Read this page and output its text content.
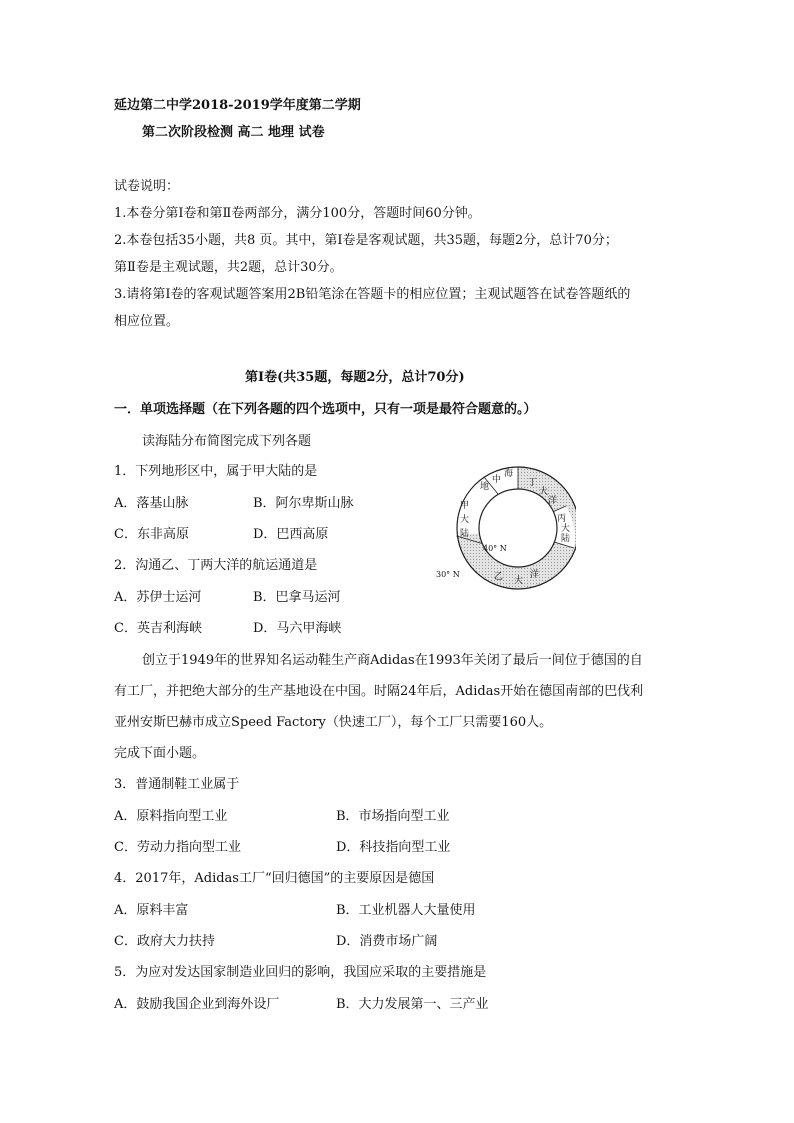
延边第二中学2018-2019学年度第二学期
第二次阶段检测 高二 地理 试卷
试卷说明：
1.本卷分第Ⅰ卷和第Ⅱ卷两部分，满分100分，答题时间60分钟。
2.本卷包括35小题，共8 页。其中，第Ⅰ卷是客观试题，共35题，每题2分，总计70分；
第Ⅱ卷是主观试题，共2题，总计30分。
3.请将第Ⅰ卷的客观试题答案用2B铅笔涂在答题卡的相应位置；主观试题答在试卷答题纸的
相应位置。
第Ⅰ卷(共35题，每题2分，总计70分)
一．单项选择题（在下列各题的四个选项中，只有一项是最符合题意的。）
读海陆分布简图完成下列各题
1．下列地形区中，属于甲大陆的是
A．落基山脉	B．阿尔卑斯山脉
C．东非高原	D．巴西高原
2．沟通乙、丁两大洋的航运通道是
A．苏伊士运河	B．巴拿马运河
C．英吉利海峡	D．马六甲海峡
甲
大
陆
地
中
海
丁
大
洋
丙
大
陆
乙 大
洋
40° N
30° N
创立于1949年的世界知名运动鞋生产商Adidas在1993年关闭了最后一间位于德国的自
有工厂，并把绝大部分的生产基地设在中国。时隔24年后，Adidas开始在德国南部的巴伐利
亚州安斯巴赫市成立Speed Factory（快速工厂），每个工厂只需要160人。
完成下面小题。
3．普通制鞋工业属于
A．原料指向型工业	B．市场指向型工业
C．劳动力指向型工业	D．科技指向型工业
4．2017年，Adidas工厂“回归德国”的主要原因是德国
A．原料丰富	B．工业机器人大量使用
C．政府大力扶持	D．消费市场广阔
5．为应对发达国家制造业回归的影响，我国应采取的主要措施是
A．鼓励我国企业到海外设厂	B．大力发展第一、三产业
